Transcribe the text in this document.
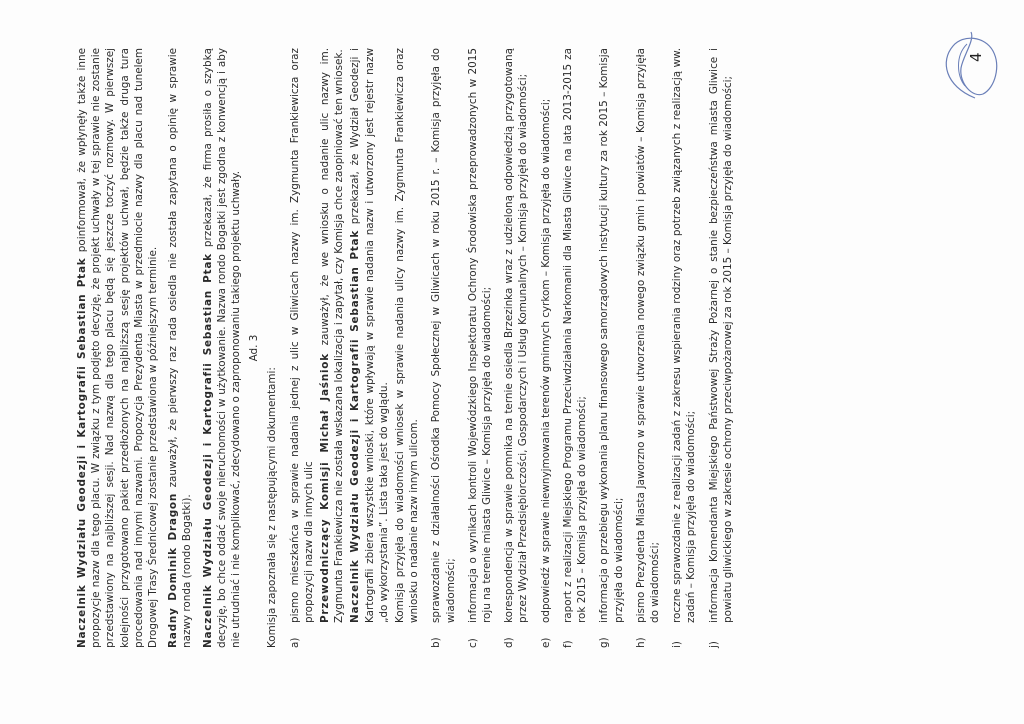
Naczelnik Wydziału Geodezji i Kartografii Sebastian Ptak poinformował, że wpłynęły także inne propozycje nazw dla tego placu. W związku z tym podjęto decyzję, że projekt uchwały w tej sprawie nie zostanie przedstawiony na najbliższej sesji. Nad nazwą dla tego placu będą się jeszcze toczyć rozmowy. W pierwszej kolejności przygotowano pakiet przedłożonych na najbliższą sesję projektów uchwał, będzie także druga tura procedowania nad innymi nazwami. Propozycja Prezydenta Miasta w przedmiocie nazwy dla placu nad tunelem Drogowej Trasy Średnicowej zostanie przedstawiona w późniejszym terminie. Radny Dominik Dragon zauważył, że pierwszy raz rada osiedla nie została zapytana o opinię w sprawie nazwy ronda (rondo Bogatki). Naczelnik Wydziału Geodezji i Kartografii Sebastian Ptak przekazał, że firma prosiła o szybką decyzję, bo chce oddać swoje nieruchomości w użytkowanie. Nazwa rondo Bogatki jest zgodna z konwencją i aby nie utrudniać i nie komplikować, zdecydowano o zaproponowaniu takiego projektu uchwały. Ad. 3

Komisja zapoznała się z następującymi dokumentami: a)

pismo mieszkańca w sprawie nadania jednej z ulic w Gliwicach nazwy im. Zygmunta Frankiewicza oraz propozycji nazw dla innych ulic Przewodniczący Komisji Michał Jaśniok zauważył, że we wniosku o nadanie ulic nazwy im. Zygmunta Frankiewicza nie została wskazana lokalizacja i zapytał, czy Komisja chce zaopiniować ten wniosek. Naczelnik Wydziału Geodezji i Kartografii Sebastian Ptak przekazał, że Wydział Geodezji i Kartografii zbiera wszystkie wnioski, które wpływają w sprawie nadania nazw i utworzony jest rejestr nazw „do wykorzystania”. Lista taka jest do wglądu. Komisja przyjęła do wiadomości wniosek w sprawie nadania ulicy nazwy im. Zygmunta Frankiewicza oraz wniosku o nadanie nazw innym ulicom.

b)
sprawozdanie z działalności Ośrodka Pomocy Społecznej w Gliwicach w roku 2015 r. – Komisja przyjęła do wiadomości;
c)
informacja o wynikach kontroli Wojewódzkiego Inspektoratu Ochrony Środowiska przeprowadzonych w 2015 roju na terenie miasta Gliwice – Komisja przyjęła do wiadomości;
d)
korespondencja w sprawie pomnika na ternie osiedla Brzezinka wraz z udzieloną odpowiedzią przygotowaną przez Wydział Przedsiębiorczości, Gospodarczych i Usług Komunalnych – Komisja przyjęła do wiadomości;
e)
odpowiedź w sprawie niewnyjmowania terenów gminnych cyrkom – Komisja przyjęła do wiadomości;
f)
raport z realizacji Miejskiego Programu Przeciwdziałania Narkomanii dla Miasta Gliwice na lata 2013-2015 za rok 2015 – Komisja przyjęła do wiadomości;
g)
informacja o przebiegu wykonania planu finansowego samorządowych instytucji kultury za rok 2015 – Komisja przyjęła do wiadomości;
h)
pismo Prezydenta Miasta Jaworzno w sprawie utworzenia nowego związku gmin i powiatów – Komisja przyjęła do wiadomości;
i)
roczne sprawozdanie z realizacji zadań z zakresu wspierania rodziny oraz potrzeb związanych z realizacją ww. zadań – Komisja przyjęła do wiadomości;
j)
informacja Komendanta Miejskiego Państwowej Straży Pożarnej o stanie bezpieczeństwa miasta Gliwice i powiatu gliwickiego w zakresie ochrony przeciwpożarowej za rok 2015 – Komisja przyjęła do wiadomości;
4
